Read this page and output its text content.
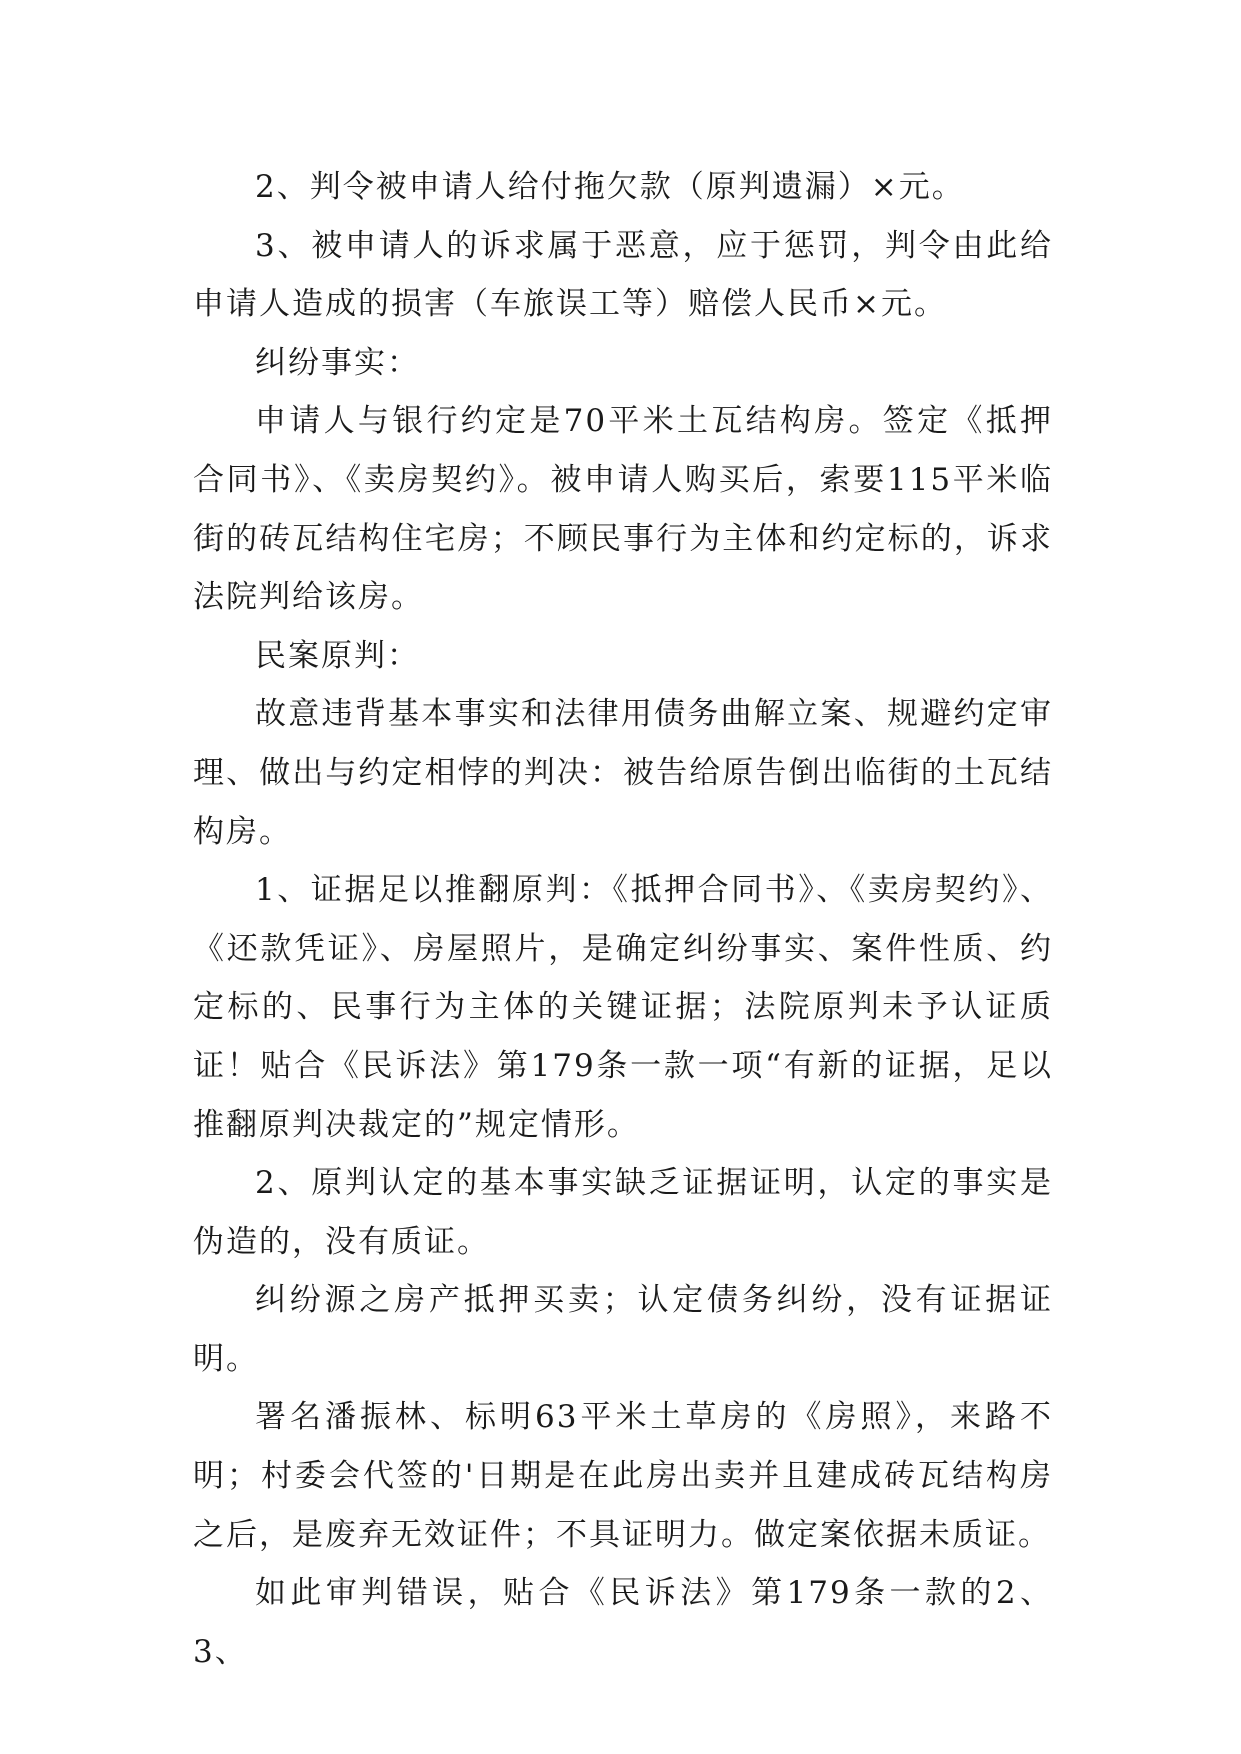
2、判令被申请人给付拖欠款（原判遗漏）×元。

3、被申请人的诉求属于恶意，应于惩罚，判令由此给申请人造成的损害（车旅误工等）赔偿人民币×元。

纠纷事实：

申请人与银行约定是70平米土瓦结构房。签定《抵押合同书》、《卖房契约》。被申请人购买后，索要115平米临街的砖瓦结构住宅房；不顾民事行为主体和约定标的，诉求法院判给该房。

民案原判：

故意违背基本事实和法律用债务曲解立案、规避约定审理、做出与约定相悖的判决：被告给原告倒出临街的土瓦结构房。

1、证据足以推翻原判：《抵押合同书》、《卖房契约》、《还款凭证》、房屋照片，是确定纠纷事实、案件性质、约定标的、民事行为主体的关键证据；法院原判未予认证质证！贴合《民诉法》第179条一款一项“有新的证据，足以推翻原判决裁定的”规定情形。

2、原判认定的基本事实缺乏证据证明，认定的事实是伪造的，没有质证。

纠纷源之房产抵押买卖；认定债务纠纷，没有证据证明。

署名潘振林、标明63平米土草房的《房照》，来路不明；村委会代签的'日期是在此房出卖并且建成砖瓦结构房之后，是废弃无效证件；不具证明力。做定案依据未质证。

如此审判错误，贴合《民诉法》第179条一款的2、3、
